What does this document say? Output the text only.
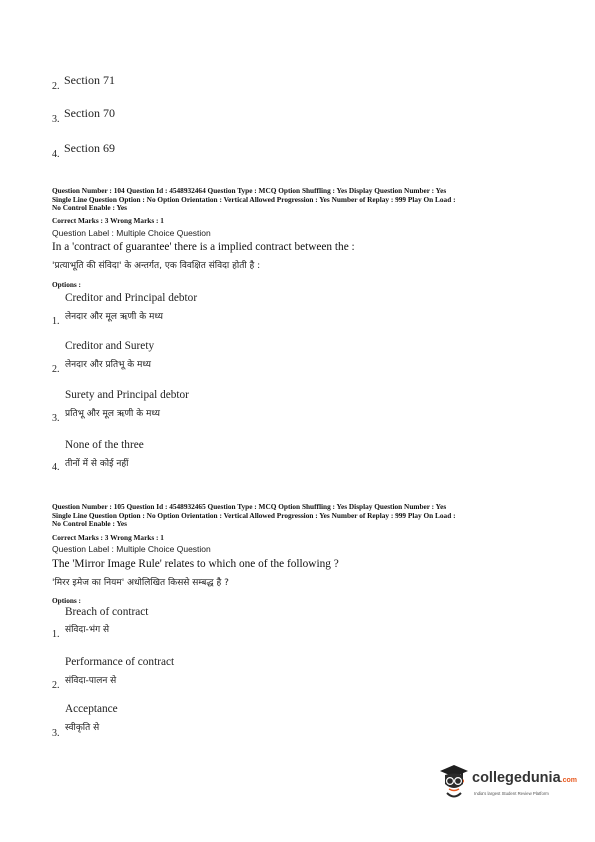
2. Section 71
3. Section 70
4. Section 69
Question Number : 104 Question Id : 4548932464 Question Type : MCQ Option Shuffling : Yes Display Question Number : Yes
Single Line Question Option : No Option Orientation : Vertical Allowed Progression : Yes Number of Replay : 999 Play On Load :
No Control Enable : Yes
Correct Marks : 3 Wrong Marks : 1
Question Label : Multiple Choice Question
In a 'contract of guarantee' there is a implied contract between the :
'प्रत्याभूति की संविदा' के अन्तर्गत, एक विवक्षित संविदा होती है :
Options :
Creditor and Principal debtor
1. लेनदार और मूल ऋणी के मध्य
Creditor and Surety
2. लेनदार और प्रतिभू के मध्य
Surety and Principal debtor
3. प्रतिभू और मूल ऋणी के मध्य
None of the three
4. तीनों में से कोई नहीं
Question Number : 105 Question Id : 4548932465 Question Type : MCQ Option Shuffling : Yes Display Question Number : Yes
Single Line Question Option : No Option Orientation : Vertical Allowed Progression : Yes Number of Replay : 999 Play On Load :
No Control Enable : Yes
Correct Marks : 3 Wrong Marks : 1
Question Label : Multiple Choice Question
The 'Mirror Image Rule' relates to which one of the following ?
'मिरर इमेज का नियम' अधोलिखित किससे सम्बद्ध है ?
Options :
Breach of contract
1. संविदा-भंग से
Performance of contract
2. संविदा-पालन से
Acceptance
3. स्वीकृति से
collegedunia.com
India's largest Student Review Platform
